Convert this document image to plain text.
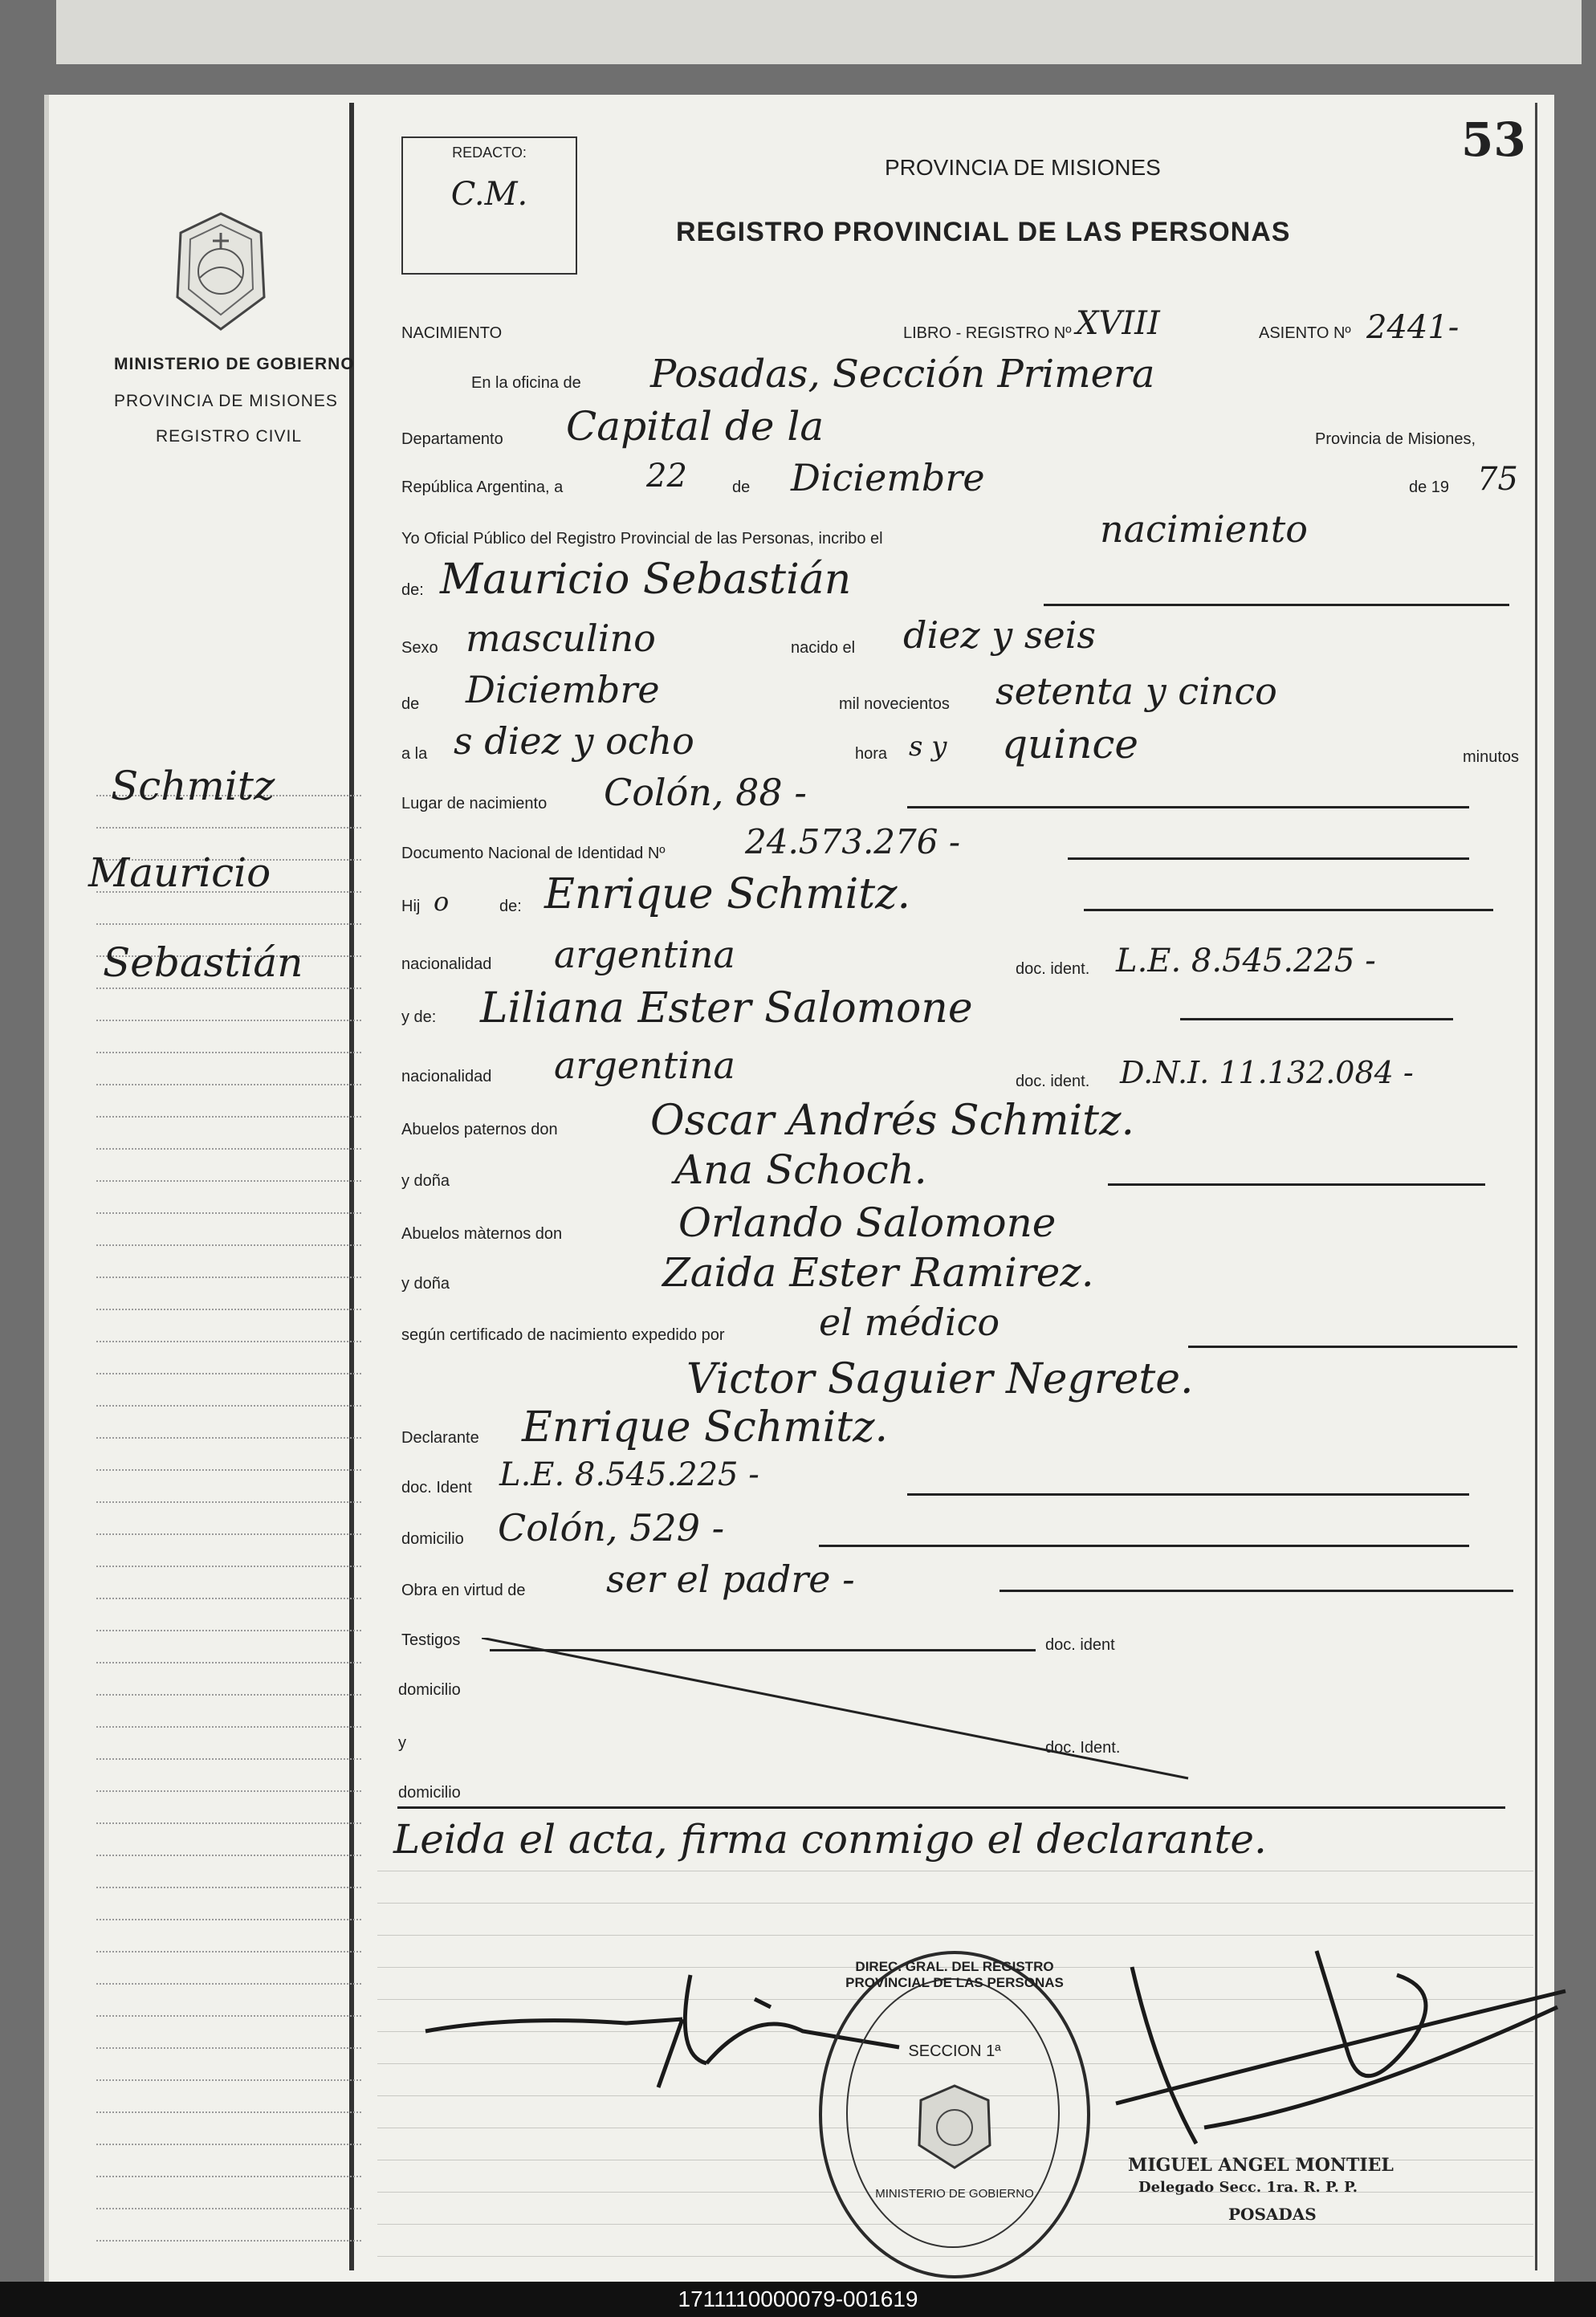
53
REDACTO:
C.M.
PROVINCIA DE MISIONES
REGISTRO PROVINCIAL DE LAS PERSONAS
MINISTERIO DE GOBIERNO
PROVINCIA DE MISIONES
REGISTRO CIVIL
Schmitz
Mauricio
Sebastián
NACIMIENTO	LIBRO - REGISTRO Nº XVIII	ASIENTO Nº 2441-
En la oficina de Posadas, Sección Primera
Departamento Capital de la	Provincia de Misiones,
República Argentina, a	22	de Diciembre	de 19 75
Yo Oficial Público del Registro Provincial de las Personas, incribo el	nacimiento
de: Mauricio Sebastián
Sexo masculino	nacido el diez y seis
de Diciembre	mil novecientos setenta y cinco
a la s diez y ocho	hora s y quince	minutos
Lugar de nacimiento Colón, 88 -
Documento Nacional de Identidad Nº 24.573.276 -
Hij o	de: Enrique Schmitz.
nacionalidad argentina	doc. ident. L.E. 8.545.225 -
y de: Liliana Ester Salomone
nacionalidad argentina	doc. ident. D.N.I. 11.132.084 -
Abuelos paternos don Oscar Andrés Schmitz.
y doña	Ana Schoch.
Abuelos màternos don	Orlando Salomone
y doña	Zaida Ester Ramirez.
según certificado de nacimiento expedido por	el médico
Victor Saguier Negrete.
Declarante Enrique Schmitz.
doc. Ident L.E. 8.545.225 -
domicilio Colón, 529 -
Obra en virtud de ser el padre -
Testigos	doc. ident
domicilio
y	doc. Ident.
domicilio
Leida el acta, firma conmigo el declarante.
DIREC. GRAL. DEL REGISTRO PROVINCIAL DE LAS PERSONAS
SECCION 1ª
MINISTERIO DE GOBIERNO
MIGUEL ANGEL MONTIEL
Delegado Secc. 1ra. R. P. P.
POSADAS
1711110000079-001619
